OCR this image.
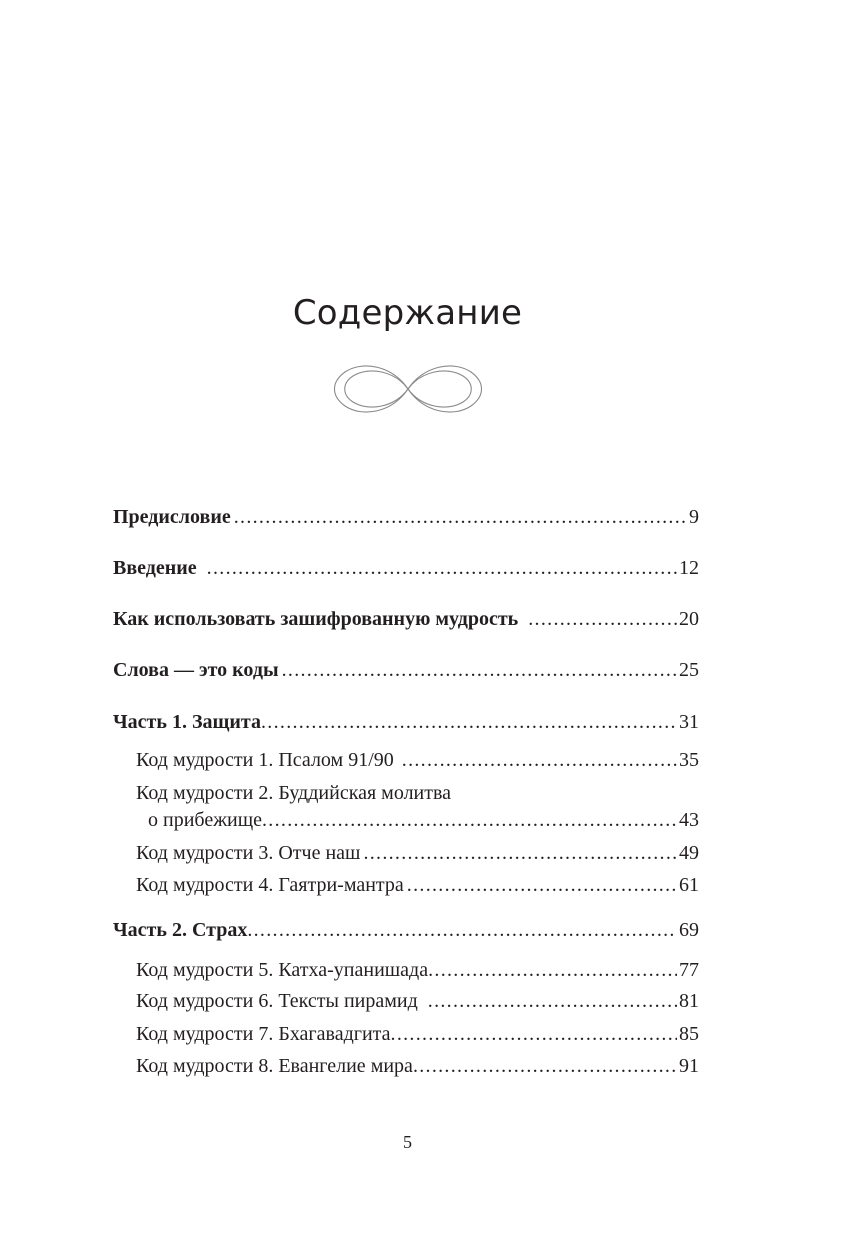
Содержание
Предисловие .....	9
Введение .....	12
Как использовать зашифрованную мудрость .....	20
Слова — это коды .....	25
Часть 1. Защита .....	31
Код мудрости 1. Псалом 91/90 .....	35
Код мудрости 2. Буддийская молитва
о прибежище .....	43
Код мудрости 3. Отче наш .....	49
Код мудрости 4. Гаятри-мантра .....	61
Часть 2. Страх .....	69
Код мудрости 5. Катха-упанишада .....	77
Код мудрости 6. Тексты пирамид .....	81
Код мудрости 7. Бхагавадгита .....	85
Код мудрости 8. Евангелие мира .....	91
5
